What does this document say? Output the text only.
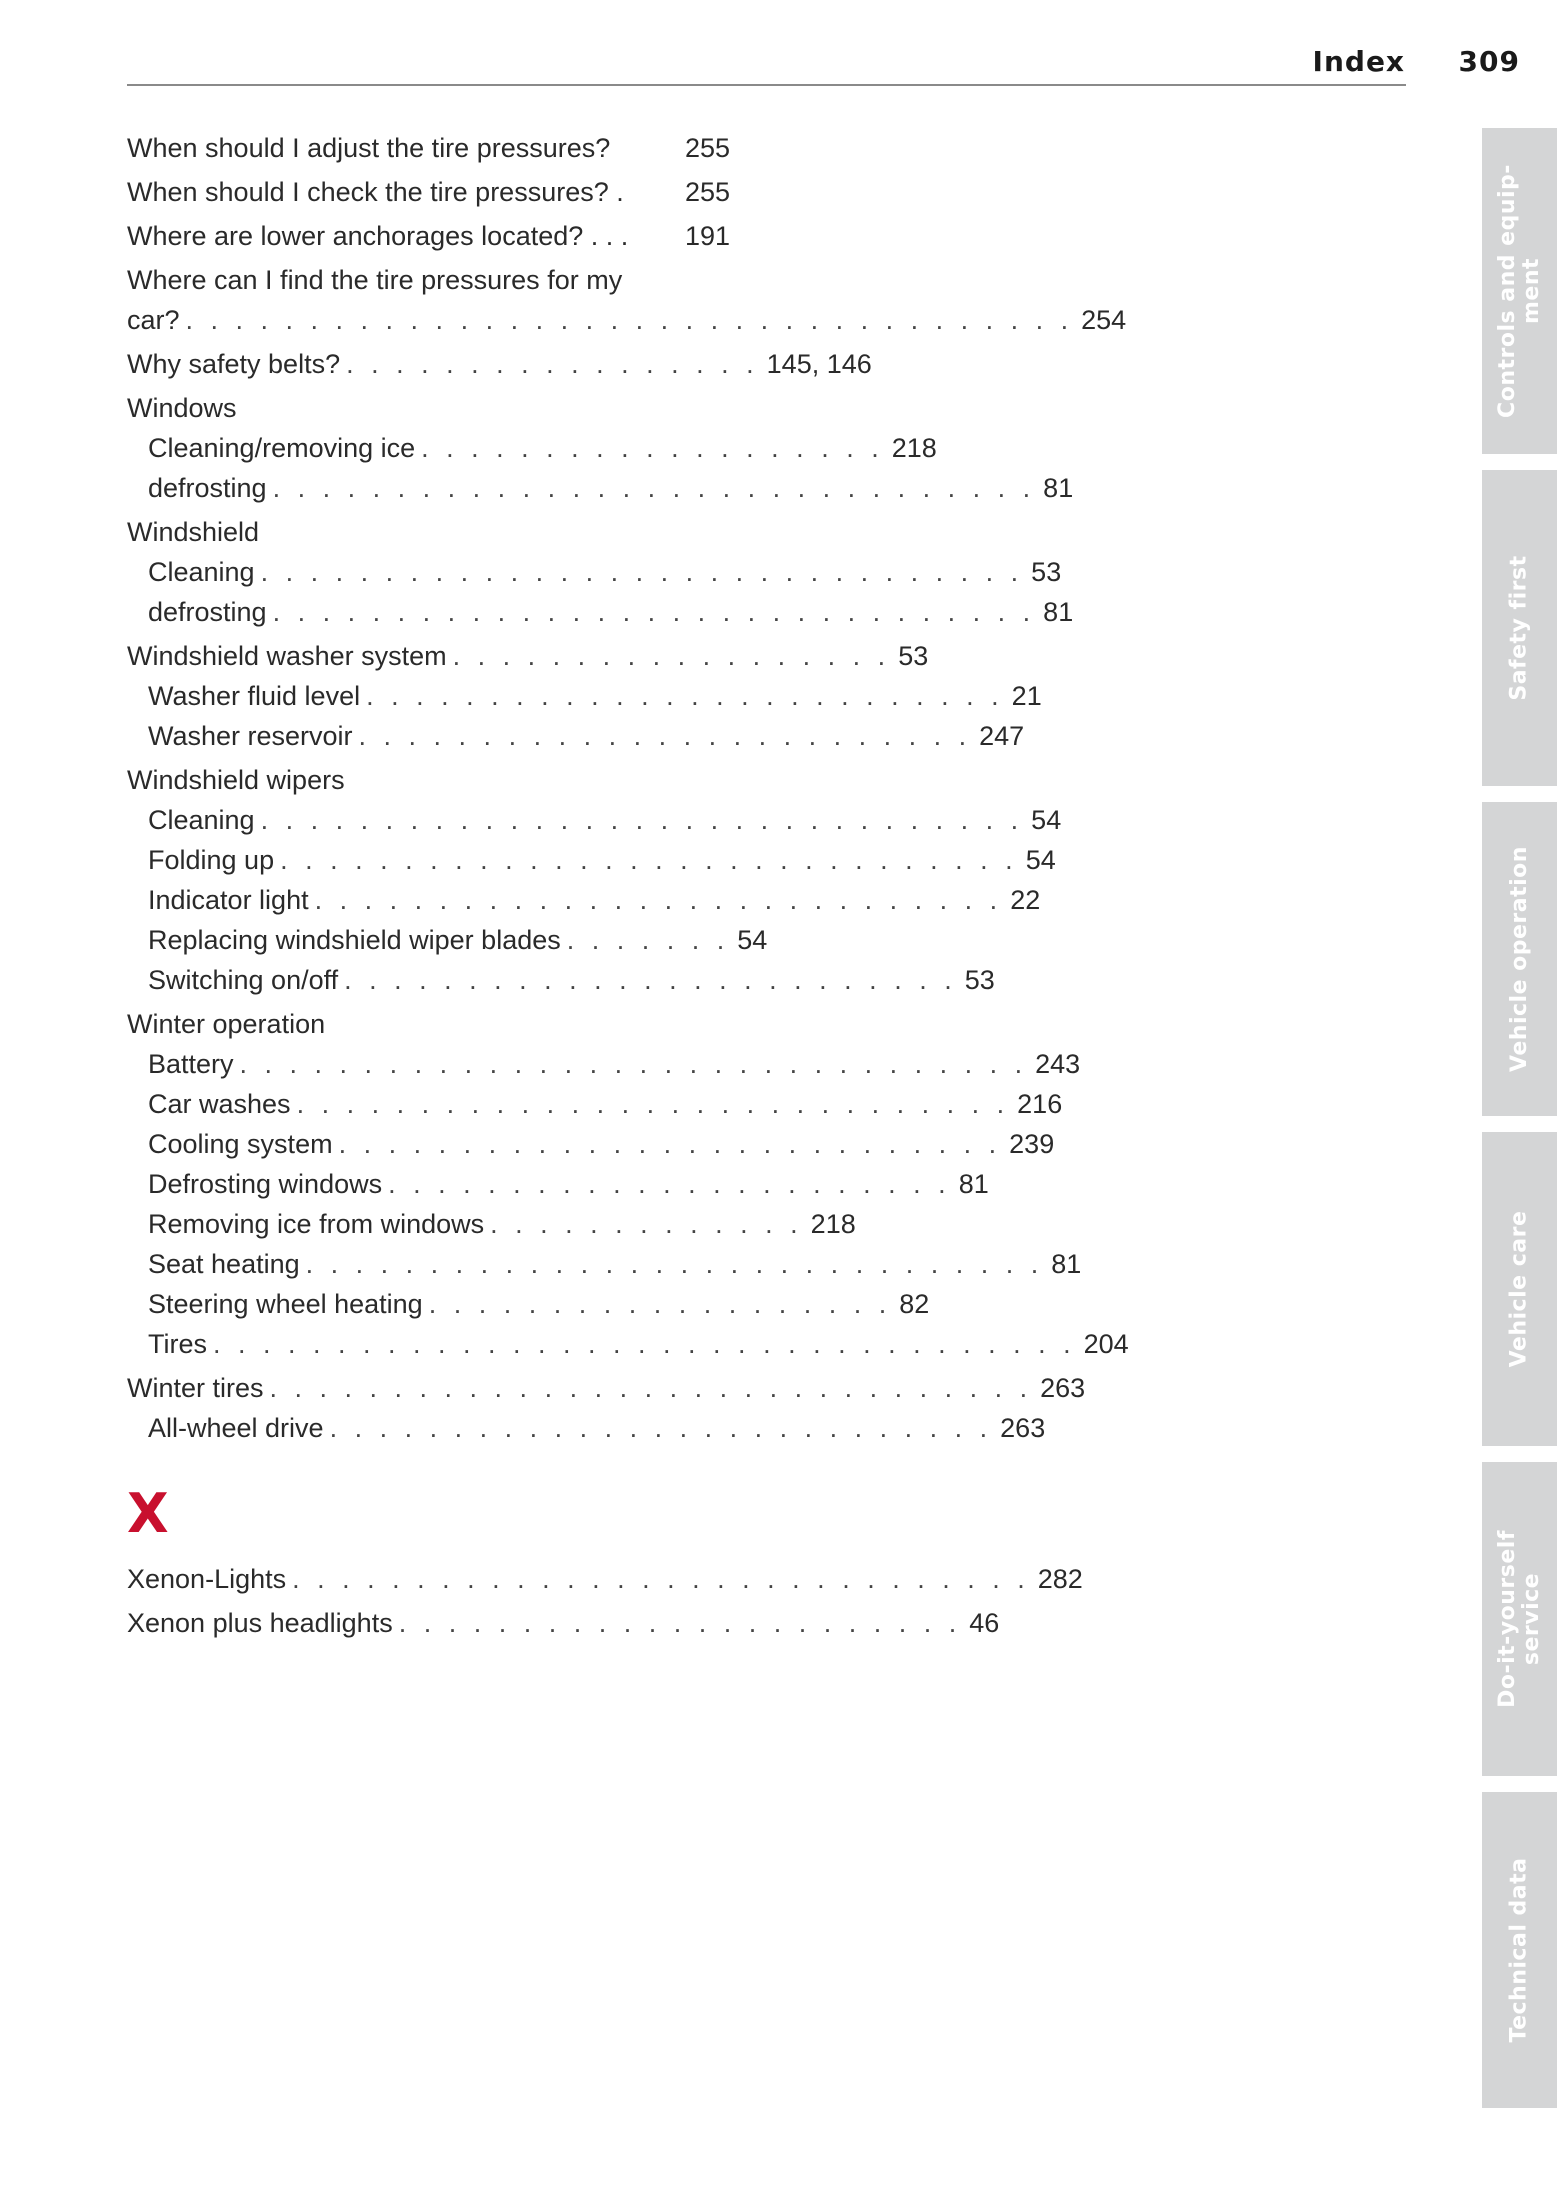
Index	309
When should I adjust the tire pressures?	255
When should I check the tire pressures? . 255
Where are lower anchorages located? . . . 191
Where can I find the tire pressures for my
car? . . . . . . . . . . . . . . . . . . . . . . . . . . . . . . . . . . . . 254
Why safety belts? . . . . . . . . . . . . . . . . . 145, 146
Windows
Cleaning/removing ice . . . . . . . . . . . . . . . . . . . 218
defrosting . . . . . . . . . . . . . . . . . . . . . . . . . . . . . . . 81
Windshield
Cleaning . . . . . . . . . . . . . . . . . . . . . . . . . . . . . . . 53
defrosting . . . . . . . . . . . . . . . . . . . . . . . . . . . . . . . 81
Windshield washer system . . . . . . . . . . . . . . . . . . 53
Washer fluid level . . . . . . . . . . . . . . . . . . . . . . . . . . 21
Washer reservoir . . . . . . . . . . . . . . . . . . . . . . . . . 247
Windshield wipers
Cleaning . . . . . . . . . . . . . . . . . . . . . . . . . . . . . . . 54
Folding up . . . . . . . . . . . . . . . . . . . . . . . . . . . . . . 54
Indicator light . . . . . . . . . . . . . . . . . . . . . . . . . . . . 22
Replacing windshield wiper blades . . . . . . . 54
Switching on/off . . . . . . . . . . . . . . . . . . . . . . . . . 53
Winter operation
Battery . . . . . . . . . . . . . . . . . . . . . . . . . . . . . . . . 243
Car washes . . . . . . . . . . . . . . . . . . . . . . . . . . . . . 216
Cooling system . . . . . . . . . . . . . . . . . . . . . . . . . . . 239
Defrosting windows . . . . . . . . . . . . . . . . . . . . . . . 81
Removing ice from windows . . . . . . . . . . . . . 218
Seat heating . . . . . . . . . . . . . . . . . . . . . . . . . . . . . . 81
Steering wheel heating . . . . . . . . . . . . . . . . . . . 82
Tires . . . . . . . . . . . . . . . . . . . . . . . . . . . . . . . . . . . 204
Winter tires . . . . . . . . . . . . . . . . . . . . . . . . . . . . . . . 263
All-wheel drive . . . . . . . . . . . . . . . . . . . . . . . . . . . 263
X
Xenon-Lights . . . . . . . . . . . . . . . . . . . . . . . . . . . . . . 282
Xenon plus headlights . . . . . . . . . . . . . . . . . . . . . . . 46
Controls and equip- ment
Safety first
Vehicle operation
Vehicle care
Do-it-yourself service
Technical data
